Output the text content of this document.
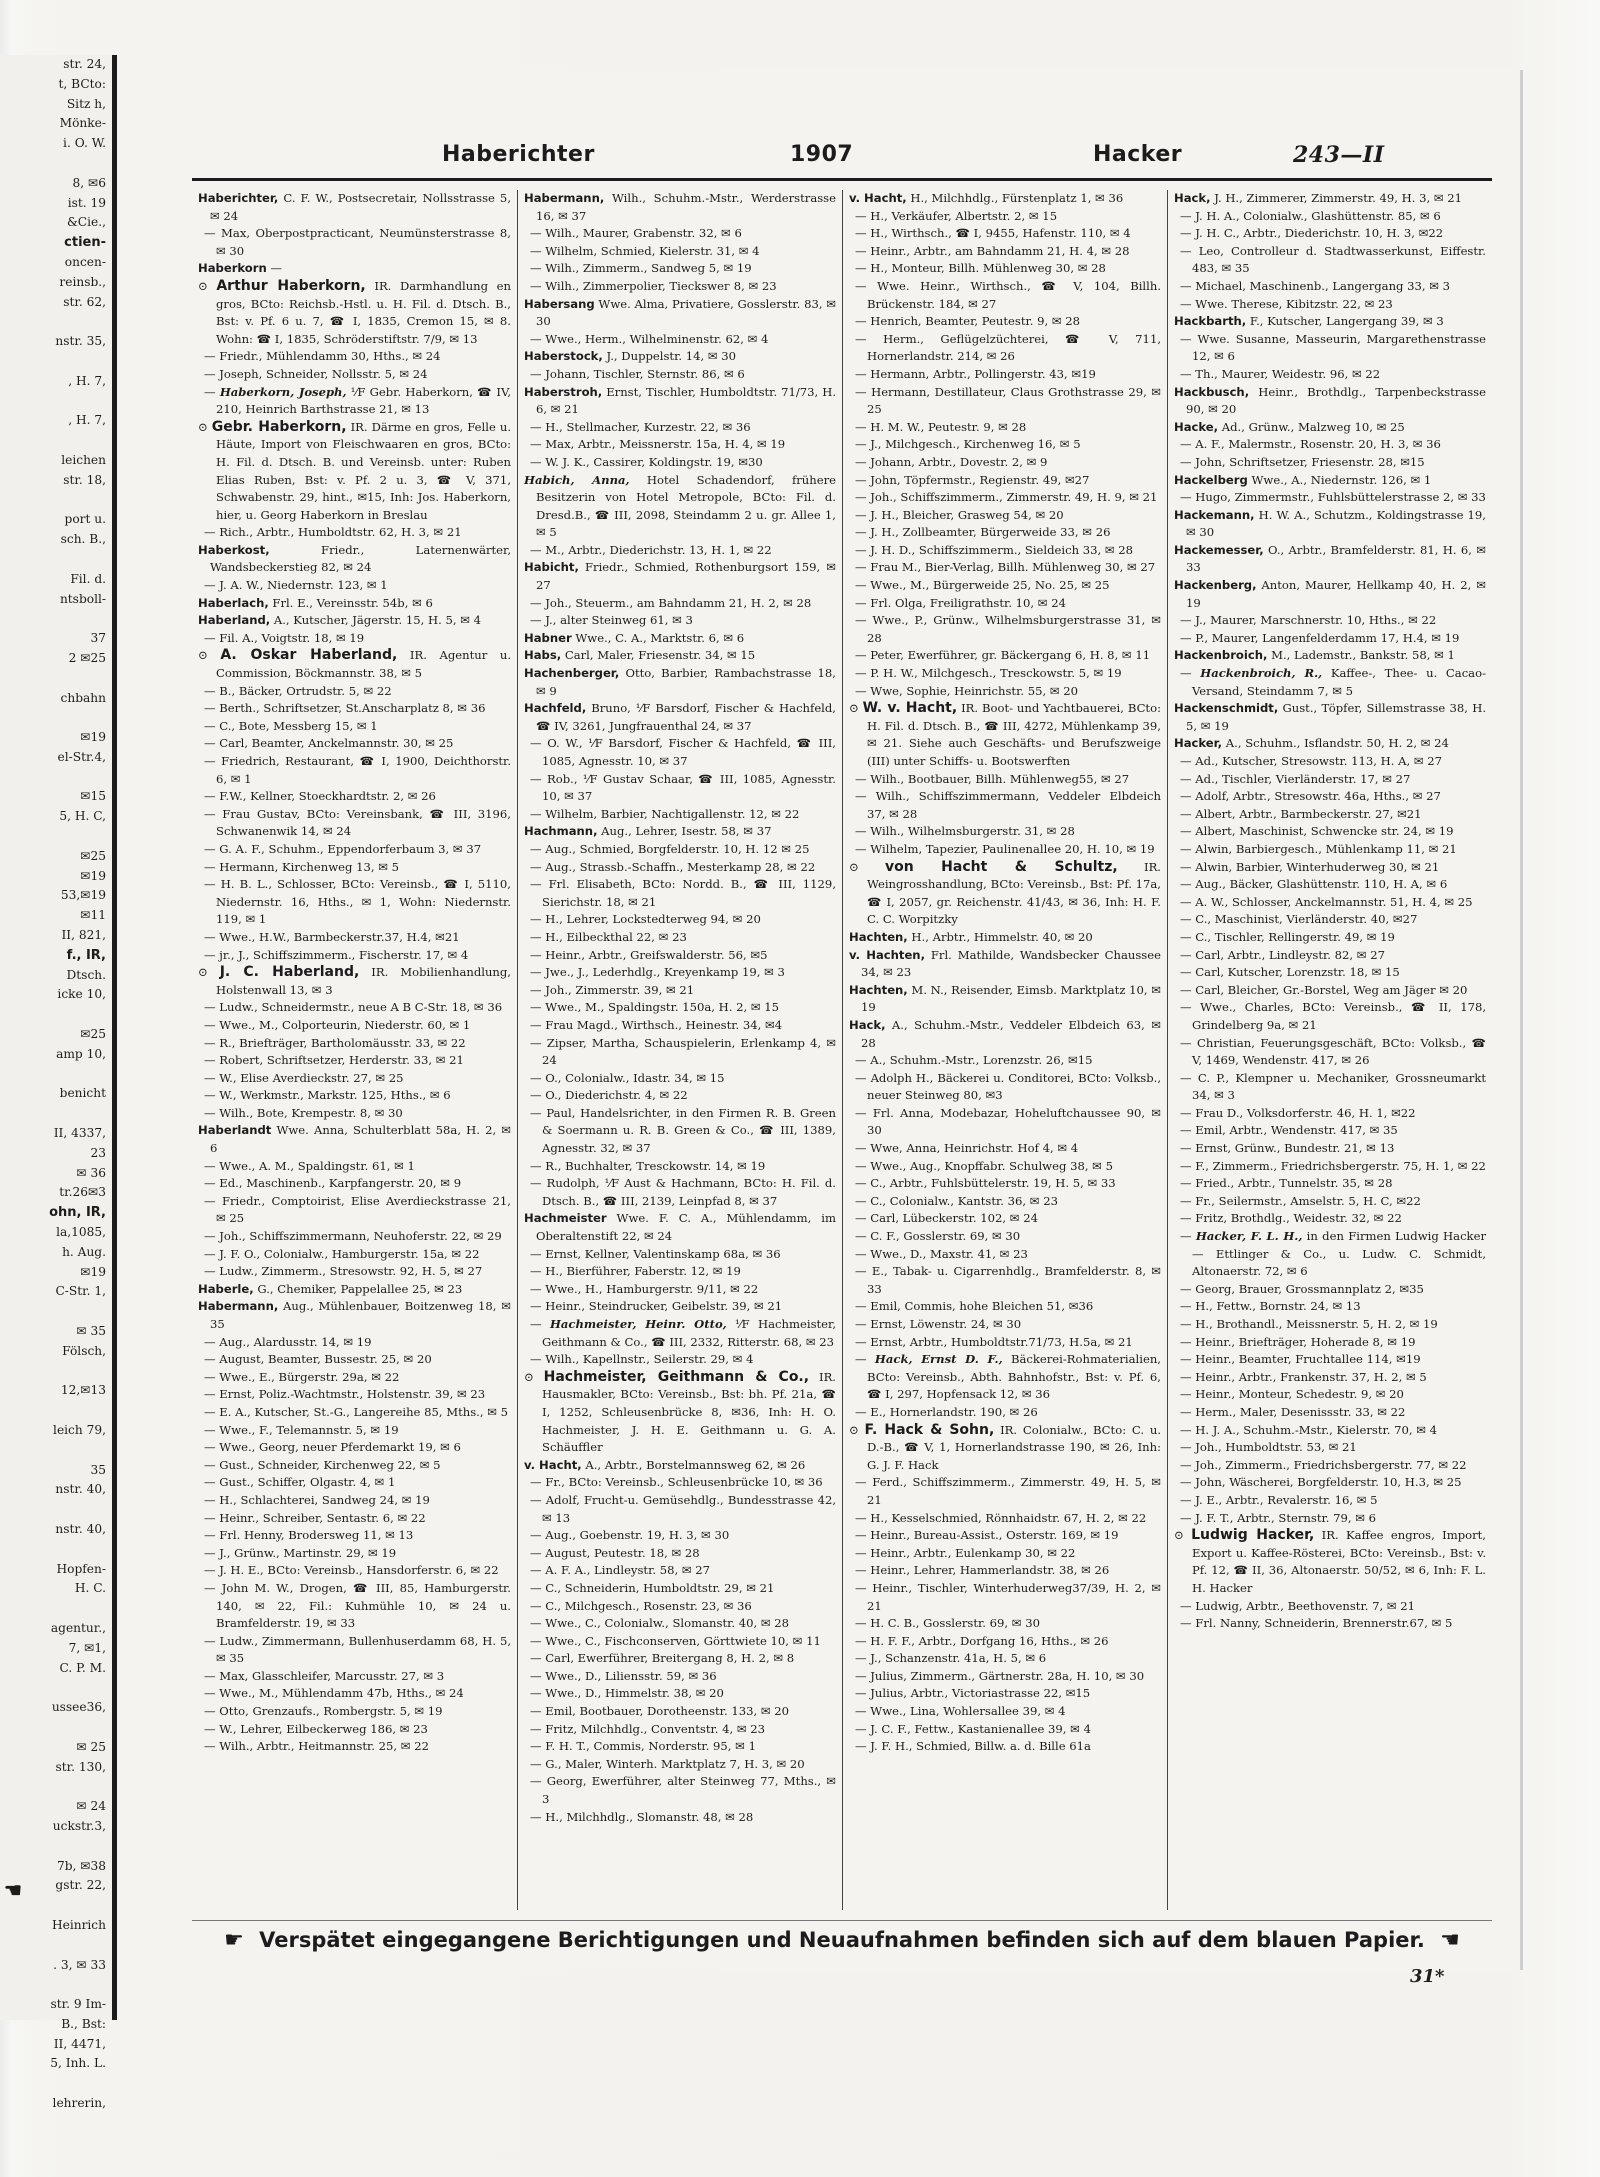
str. 24,
t, BCto:
Sitz h,
Mönke-
i. O. W.

8, ✉6
ist. 19
&Cie.,
ctien-
oncen-
reinsb.,
str. 62,

nstr. 35,

, H. 7,

, H. 7,

leichen
str. 18,

port u.
sch. B.,

Fil. d.
ntsboll-

37
2 ✉25

chbahn

✉19
el-Str.4,

✉15
5, H. C,

✉25
✉19
53,✉19
✉11
II, 821,
f., IR,
Dtsch.
icke 10,

✉25
amp 10,

benicht

II, 4337,
23
✉ 36
tr.26✉3
ohn, IR,
la,1085,
h. Aug.
✉19
C-Str. 1,

✉ 35
Fölsch,

12,✉13

leich 79,

35
nstr. 40,

nstr. 40,

Hopfen-
H. C.

agentur.,
7, ✉1,
C. P. M.

ussee36,

✉ 25
str. 130,

✉ 24
uckstr.3,

7b, ✉38
gstr. 22,

Heinrich

. 3, ✉ 33

str. 9 Im-
B., Bst:
II, 4471,
5, Inh. L.

lehrerin,
☚
Haberichter	1907	Hacker	243—II

Haberichter, C. F. W., Postsecretair, Nollsstrasse 5, ✉ 24

— Max, Oberpostpracticant, Neumünsterstrasse 8, ✉ 30

Haberkorn —

⊙ Arthur Haberkorn, IR. Darmhandlung en gros, BCto: Reichsb.-Hstl. u. H. Fil. d. Dtsch. B., Bst: v. Pf. 6 u. 7, ☎ I, 1835, Cremon 15, ✉ 8. Wohn: ☎ I, 1835, Schröderstiftstr. 7/9, ✉ 13

— Friedr., Mühlendamm 30, Hths., ✉ 24

— Joseph, Schneider, Nollsstr. 5, ✉ 24

— Haberkorn, Joseph, ⅟F Gebr. Haberkorn, ☎ IV, 210, Heinrich Barthstrasse 21, ✉ 13

⊙ Gebr. Haberkorn, IR. Därme en gros, Felle u. Häute, Import von Fleischwaaren en gros, BCto: H. Fil. d. Dtsch. B. und Vereinsb. unter: Ruben Elias Ruben, Bst: v. Pf. 2 u. 3, ☎ V, 371, Schwabenstr. 29, hint., ✉15, Inh: Jos. Haberkorn, hier, u. Georg Haberkorn in Breslau

— Rich., Arbtr., Humboldtstr. 62, H. 3, ✉ 21

Haberkost, Friedr., Laternenwärter, Wandsbeckerstieg 82, ✉ 24

— J. A. W., Niedernstr. 123, ✉ 1

Haberlach, Frl. E., Vereinsstr. 54b, ✉ 6

Haberland, A., Kutscher, Jägerstr. 15, H. 5, ✉ 4

— Fil. A., Voigtstr. 18, ✉ 19

⊙ A. Oskar Haberland, IR. Agentur u. Commission, Böckmannstr. 38, ✉ 5

— B., Bäcker, Ortrudstr. 5, ✉ 22

— Berth., Schriftsetzer, St.Anscharplatz 8, ✉ 36

— C., Bote, Messberg 15, ✉ 1

— Carl, Beamter, Anckelmannstr. 30, ✉ 25

— Friedrich, Restaurant, ☎ I, 1900, Deichthorstr. 6, ✉ 1

— F.W., Kellner, Stoeckhardtstr. 2, ✉ 26

— Frau Gustav, BCto: Vereinsbank, ☎ III, 3196, Schwanenwik 14, ✉ 24

— G. A. F., Schuhm., Eppendorferbaum 3, ✉ 37

— Hermann, Kirchenweg 13, ✉ 5

— H. B. L., Schlosser, BCto: Vereinsb., ☎ I, 5110, Niedernstr. 16, Hths., ✉ 1, Wohn: Niedernstr. 119, ✉ 1

— Wwe., H.W., Barmbeckerstr.37, H.4, ✉21

— jr., J., Schiffszimmerm., Fischerstr. 17, ✉ 4

⊙ J. C. Haberland, IR. Mobilienhandlung, Holstenwall 13, ✉ 3

— Ludw., Schneidermstr., neue A B C-Str. 18, ✉ 36

— Wwe., M., Colporteurin, Niederstr. 60, ✉ 1

— R., Briefträger, Bartholomäusstr. 33, ✉ 22

— Robert, Schriftsetzer, Herderstr. 33, ✉ 21

— W., Elise Averdieckstr. 27, ✉ 25

— W., Werkmstr., Markstr. 125, Hths., ✉ 6

— Wilh., Bote, Krempestr. 8, ✉ 30

Haberlandt Wwe. Anna, Schulterblatt 58a, H. 2, ✉ 6

— Wwe., A. M., Spaldingstr. 61, ✉ 1

— Ed., Maschinenb., Karpfangerstr. 20, ✉ 9

— Friedr., Comptoirist, Elise Averdieckstrasse 21, ✉ 25

— Joh., Schiffszimmermann, Neuhoferstr. 22, ✉ 29

— J. F. O., Colonialw., Hamburgerstr. 15a, ✉ 22

— Ludw., Zimmerm., Stresowstr. 92, H. 5, ✉ 27

Haberle, G., Chemiker, Pappelallee 25, ✉ 23

Habermann, Aug., Mühlenbauer, Boitzenweg 18, ✉ 35

— Aug., Alardusstr. 14, ✉ 19

— August, Beamter, Bussestr. 25, ✉ 20

— Wwe., E., Bürgerstr. 29a, ✉ 22

— Ernst, Poliz.-Wachtmstr., Holstenstr. 39, ✉ 23

— E. A., Kutscher, St.-G., Langereihe 85, Mths., ✉ 5

— Wwe., F., Telemannstr. 5, ✉ 19

— Wwe., Georg, neuer Pferdemarkt 19, ✉ 6

— Gust., Schneider, Kirchenweg 22, ✉ 5

— Gust., Schiffer, Olgastr. 4, ✉ 1

— H., Schlachterei, Sandweg 24, ✉ 19

— Heinr., Schreiber, Sentastr. 6, ✉ 22

— Frl. Henny, Brodersweg 11, ✉ 13

— J., Grünw., Martinstr. 29, ✉ 19

— J. H. E., BCto: Vereinsb., Hansdorferstr. 6, ✉ 22

— John M. W., Drogen, ☎ III, 85, Hamburgerstr. 140, ✉ 22, Fil.: Kuhmühle 10, ✉ 24 u. Bramfelderstr. 19, ✉ 33

— Ludw., Zimmermann, Bullenhuserdamm 68, H. 5, ✉ 35

— Max, Glasschleifer, Marcusstr. 27, ✉ 3

— Wwe., M., Mühlendamm 47b, Hths., ✉ 24

— Otto, Grenzaufs., Rombergstr. 5, ✉ 19

— W., Lehrer, Eilbeckerweg 186, ✉ 23

— Wilh., Arbtr., Heitmannstr. 25, ✉ 22

Habermann, Wilh., Schuhm.-Mstr., Werderstrasse 16, ✉ 37

— Wilh., Maurer, Grabenstr. 32, ✉ 6

— Wilhelm, Schmied, Kielerstr. 31, ✉ 4

— Wilh., Zimmerm., Sandweg 5, ✉ 19

— Wilh., Zimmerpolier, Tieckswег 8, ✉ 23

Habersang Wwe. Alma, Privatiere, Gosslerstr. 83, ✉ 30

— Wwe., Herm., Wilhelminenstr. 62, ✉ 4

Haberstock, J., Duppelstr. 14, ✉ 30

— Johann, Tischler, Sternstr. 86, ✉ 6

Haberstroh, Ernst, Tischler, Humboldtstr. 71/73, H. 6, ✉ 21

— H., Stellmacher, Kurzestr. 22, ✉ 36

— Max, Arbtr., Meissnerstr. 15a, H. 4, ✉ 19

— W. J. K., Cassirer, Koldingstr. 19, ✉30

Habich, Anna, Hotel Schadendorf, frühere Besitzerin von Hotel Metropole, BCto: Fil. d. Dresd.B., ☎ III, 2098, Steindamm 2 u. gr. Allee 1, ✉ 5

— M., Arbtr., Diederichstr. 13, H. 1, ✉ 22

Habicht, Friedr., Schmied, Rothenburgsort 159, ✉ 27

— Joh., Steuerm., am Bahndamm 21, H. 2, ✉ 28

— J., alter Steinweg 61, ✉ 3

Habner Wwe., C. A., Marktstr. 6, ✉ 6

Habs, Carl, Maler, Friesenstr. 34, ✉ 15

Hachenberger, Otto, Barbier, Rambachstrasse 18, ✉ 9

Hachfeld, Bruno, ⅟F Barsdorf, Fischer & Hachfeld, ☎ IV, 3261, Jungfrauenthal 24, ✉ 37

— O. W., ⅟F Barsdorf, Fischer & Hachfeld, ☎ III, 1085, Agnesstr. 10, ✉ 37

— Rob., ⅟F Gustav Schaar, ☎ III, 1085, Agnesstr. 10, ✉ 37

— Wilhelm, Barbier, Nachtigallenstr. 12, ✉ 22

Hachmann, Aug., Lehrer, Isestr. 58, ✉ 37

— Aug., Schmied, Borgfelderstr. 10, H. 12 ✉ 25

— Aug., Strassb.-Schaffn., Mesterkamp 28, ✉ 22

— Frl. Elisabeth, BCto: Nordd. B., ☎ III, 1129, Sierichstr. 18, ✉ 21

— H., Lehrer, Lockstedterweg 94, ✉ 20

— H., Eilbeckthal 22, ✉ 23

— Heinr., Arbtr., Greifswalderstr. 56, ✉5

— Jwe., J., Lederhdlg., Kreyenkamp 19, ✉ 3

— Joh., Zimmerstr. 39, ✉ 21

— Wwe., M., Spaldingstr. 150a, H. 2, ✉ 15

— Frau Magd., Wirthsch., Heinestr. 34, ✉4

— Zipser, Martha, Schauspielerin, Erlenkamp 4, ✉ 24

— O., Colonialw., Idastr. 34, ✉ 15

— O., Diederichstr. 4, ✉ 22

— Paul, Handelsrichter, in den Firmen R. B. Green & Soermann u. R. B. Green & Co., ☎ III, 1389, Agnesstr. 32, ✉ 37

— R., Buchhalter, Tresckowstr. 14, ✉ 19

— Rudolph, ⅟F Aust & Hachmann, BCto: H. Fil. d. Dtsch. B., ☎ III, 2139, Leinpfad 8, ✉ 37

Hachmeister Wwe. F. C. A., Mühlendamm, im Oberaltenstift 22, ✉ 24

— Ernst, Kellner, Valentinskamp 68a, ✉ 36

— H., Bierführer, Faberstr. 12, ✉ 19

— Wwe., H., Hamburgerstr. 9/11, ✉ 22

— Heinr., Steindrucker, Geibelstr. 39, ✉ 21

— Hachmeister, Heinr. Otto, ⅟F Hachmeister, Geithmann & Co., ☎ III, 2332, Ritterstr. 68, ✉ 23

— Wilh., Kapellnstr., Seilerstr. 29, ✉ 4

⊙ Hachmeister, Geithmann & Co., IR. Hausmakler, BCto: Vereinsb., Bst: bh. Pf. 21a, ☎ I, 1252, Schleusenbrücke 8, ✉36, Inh: H. O. Hachmeister, J. H. E. Geithmann u. G. A. Schäuffler

v. Hacht, A., Arbtr., Borstelmannsweg 62, ✉ 26

— Fr., BCto: Vereinsb., Schleusenbrücke 10, ✉ 36

— Adolf, Frucht-u. Gemüsehdlg., Bundesstrasse 42, ✉ 13

— Aug., Goebenstr. 19, H. 3, ✉ 30

— August, Peutestr. 18, ✉ 28

— A. F. A., Lindleystr. 58, ✉ 27

— C., Schneiderin, Humboldtstr. 29, ✉ 21

— C., Milchgesch., Rosenstr. 23, ✉ 36

— Wwe., C., Colonialw., Slomanstr. 40, ✉ 28

— Wwe., C., Fischconserven, Görttwiete 10, ✉ 11

— Carl, Ewerführer, Breitergang 8, H. 2, ✉ 8

— Wwe., D., Liliensstr. 59, ✉ 36

— Wwe., D., Himmelstr. 38, ✉ 20

— Emil, Bootbauer, Dorotheenstr. 133, ✉ 20

— Fritz, Milchhdlg., Conventstr. 4, ✉ 23

— F. H. T., Commis, Norderstr. 95, ✉ 1

— G., Maler, Winterh. Marktplatz 7, H. 3, ✉ 20

— Georg, Ewerführer, alter Steinweg 77, Mths., ✉ 3

— H., Milchhdlg., Slomanstr. 48, ✉ 28

v. Hacht, H., Milchhdlg., Fürstenplatz 1, ✉ 36

— H., Verkäufer, Albertstr. 2, ✉ 15

— H., Wirthsch., ☎ I, 9455, Hafenstr. 110, ✉ 4

— Heinr., Arbtr., am Bahndamm 21, H. 4, ✉ 28

— H., Monteur, Billh. Mühlenweg 30, ✉ 28

— Wwe. Heinr., Wirthsch., ☎ V, 104, Billh. Brückenstr. 184, ✉ 27

— Henrich, Beamter, Peutestr. 9, ✉ 28

— Herm., Geflügelzüchterei, ☎ V, 711, Hornerlandstr. 214, ✉ 26

— Hermann, Arbtr., Pollingerstr. 43, ✉19

— Hermann, Destillateur, Claus Grothstrasse 29, ✉ 25

— H. M. W., Peutestr. 9, ✉ 28

— J., Milchgesch., Kirchenweg 16, ✉ 5

— Johann, Arbtr., Dovestr. 2, ✉ 9

— John, Töpfermstr., Regienstr. 49, ✉27

— Joh., Schiffszimmerm., Zimmerstr. 49, H. 9, ✉ 21

— J. H., Bleicher, Grasweg 54, ✉ 20

— J. H., Zollbeamter, Bürgerweide 33, ✉ 26

— J. H. D., Schiffszimmerm., Sieldeich 33, ✉ 28

— Frau M., Bier-Verlag, Billh. Mühlenweg 30, ✉ 27

— Wwe., M., Bürgerweide 25, No. 25, ✉ 25

— Frl. Olga, Freiligrathstr. 10, ✉ 24

— Wwe., P., Grünw., Wilhelmsburgerstrasse 31, ✉ 28

— Peter, Ewerführer, gr. Bäckergang 6, H. 8, ✉ 11

— P. H. W., Milchgesch., Tresckowstr. 5, ✉ 19

— Wwe, Sophie, Heinrichstr. 55, ✉ 20

⊙ W. v. Hacht, IR. Boot- und Yachtbauerei, BCto: H. Fil. d. Dtsch. B., ☎ III, 4272, Mühlenkamp 39, ✉ 21. Siehe auch Geschäfts- und Berufszweige (III) unter Schiffs- u. Bootswerften

— Wilh., Bootbauer, Billh. Mühlenweg55, ✉ 27

— Wilh., Schiffszimmermann, Veddeler Elbdeich 37, ✉ 28

— Wilh., Wilhelmsburgerstr. 31, ✉ 28

— Wilhelm, Tapezier, Paulinenallee 20, H. 10, ✉ 19

⊙ von Hacht & Schultz, IR. Weingrosshandlung, BCto: Vereinsb., Bst: Pf. 17a, ☎ I, 2057, gr. Reichenstr. 41/43, ✉ 36, Inh: H. F. C. C. Worpitzky

Hachten, H., Arbtr., Himmelstr. 40, ✉ 20

v. Hachten, Frl. Mathilde, Wandsbecker Chaussee 34, ✉ 23

Hachten, M. N., Reisender, Eimsb. Marktplatz 10, ✉ 19

Hack, A., Schuhm.-Mstr., Veddeler Elbdeich 63, ✉ 28

— A., Schuhm.-Mstr., Lorenzstr. 26, ✉15

— Adolph H., Bäckerei u. Conditorei, BCto: Volksb., neuer Steinweg 80, ✉3

— Frl. Anna, Modebazar, Hoheluftchaussee 90, ✉ 30

— Wwe, Anna, Heinrichstr. Hof 4, ✉ 4

— Wwe., Aug., Knopffabr. Schulweg 38, ✉ 5

— C., Arbtr., Fuhlsbüttelerstr. 19, H. 5, ✉ 33

— C., Colonialw., Kantstr. 36, ✉ 23

— Carl, Lübeckerstr. 102, ✉ 24

— C. F., Gosslerstr. 69, ✉ 30

— Wwe., D., Maxstr. 41, ✉ 23

— E., Tabak- u. Cigarrenhdlg., Bramfelderstr. 8, ✉ 33

— Emil, Commis, hohe Bleichen 51, ✉36

— Ernst, Löwenstr. 24, ✉ 30

— Ernst, Arbtr., Humboldtstr.71/73, H.5a, ✉ 21

— Hack, Ernst D. F., Bäckerei-Rohmaterialien, BCto: Vereinsb., Abth. Bahnhofstr., Bst: v. Pf. 6, ☎ I, 297, Hopfensack 12, ✉ 36

— E., Hornerlandstr. 190, ✉ 26

⊙ F. Hack & Sohn, IR. Colonialw., BCto: C. u. D.-B., ☎ V, 1, Hornerlandstrasse 190, ✉ 26, Inh: G. J. F. Hack

— Ferd., Schiffszimmerm., Zimmerstr. 49, H. 5, ✉ 21

— H., Kesselschmied, Rönnhaidstr. 67, H. 2, ✉ 22

— Heinr., Bureau-Assist., Osterstr. 169, ✉ 19

— Heinr., Arbtr., Eulenkamp 30, ✉ 22

— Heinr., Lehrer, Hammerlandstr. 38, ✉ 26

— Heinr., Tischler, Winterhuderweg37/39, H. 2, ✉ 21

— H. C. B., Gosslerstr. 69, ✉ 30

— H. F. F., Arbtr., Dorfgang 16, Hths., ✉ 26

— J., Schanzenstr. 41a, H. 5, ✉ 6

— Julius, Zimmerm., Gärtnerstr. 28a, H. 10, ✉ 30

— Julius, Arbtr., Victoriastrasse 22, ✉15

— Wwe., Lina, Wohlersallee 39, ✉ 4

— J. C. F., Fettw., Kastanienallee 39, ✉ 4

— J. F. H., Schmied, Billw. a. d. Bille 61a

Hack, J. H., Zimmerer, Zimmerstr. 49, H. 3, ✉ 21

— J. H. A., Colonialw., Glashüttenstr. 85, ✉ 6

— J. H. C., Arbtr., Diederichstr. 10, H. 3, ✉22

— Leo, Controlleur d. Stadtwasserkunst, Eiffestr. 483, ✉ 35

— Michael, Maschinenb., Langergang 33, ✉ 3

— Wwe. Therese, Kibitzstr. 22, ✉ 23

Hackbarth, F., Kutscher, Langergang 39, ✉ 3

— Wwe. Susanne, Masseurin, Margarethenstrasse 12, ✉ 6

— Th., Maurer, Weidestr. 96, ✉ 22

Hackbusch, Heinr., Brothdlg., Tarpenbeckstrasse 90, ✉ 20

Hacke, Ad., Grünw., Malzweg 10, ✉ 25

— A. F., Malermstr., Rosenstr. 20, H. 3, ✉ 36

— John, Schriftsetzer, Friesenstr. 28, ✉15

Hackelberg Wwe., A., Niedernstr. 126, ✉ 1

— Hugo, Zimmermstr., Fuhlsbüttelerstrasse 2, ✉ 33

Hackemann, H. W. A., Schutzm., Koldingstrasse 19, ✉ 30

Hackemesser, O., Arbtr., Bramfelderstr. 81, H. 6, ✉ 33

Hackenberg, Anton, Maurer, Hellkamp 40, H. 2, ✉ 19

— J., Maurer, Marschnerstr. 10, Hths., ✉ 22

— P., Maurer, Langenfelderdamm 17, H.4, ✉ 19

Hackenbroich, M., Lademstr., Bankstr. 58, ✉ 1

— Hackenbroich, R., Kaffee-, Thee- u. Cacao-Versand, Steindamm 7, ✉ 5

Hackenschmidt, Gust., Töpfer, Sillemstrasse 38, H. 5, ✉ 19

Hacker, A., Schuhm., Isflandstr. 50, H. 2, ✉ 24

— Ad., Kutscher, Stresowstr. 113, H. A, ✉ 27

— Ad., Tischler, Vierländerstr. 17, ✉ 27

— Adolf, Arbtr., Stresowstr. 46a, Hths., ✉ 27

— Albert, Arbtr., Barmbeckerstr. 27, ✉21

— Albert, Maschinist, Schwencke str. 24, ✉ 19

— Alwin, Barbiergesch., Mühlenkamp 11, ✉ 21

— Alwin, Barbier, Winterhuderweg 30, ✉ 21

— Aug., Bäcker, Glashüttenstr. 110, H. A, ✉ 6

— A. W., Schlosser, Anckelmannstr. 51, H. 4, ✉ 25

— C., Maschinist, Vierländerstr. 40, ✉27

— C., Tischler, Rellingerstr. 49, ✉ 19

— Carl, Arbtr., Lindleystr. 82, ✉ 27

— Carl, Kutscher, Lorenzstr. 18, ✉ 15

— Carl, Bleicher, Gr.-Borstel, Weg am Jäger ✉ 20

— Wwe., Charles, BCto: Vereinsb., ☎ II, 178, Grindelberg 9a, ✉ 21

— Christian, Feuerungsgeschäft, BCto: Volksb., ☎ V, 1469, Wendenstr. 417, ✉ 26

— C. P., Klempner u. Mechaniker, Grossneumarkt 34, ✉ 3

— Frau D., Volksdorferstr. 46, H. 1, ✉22

— Emil, Arbtr., Wendenstr. 417, ✉ 35

— Ernst, Grünw., Bundestr. 21, ✉ 13

— F., Zimmerm., Friedrichsbergerstr. 75, H. 1, ✉ 22

— Fried., Arbtr., Tunnelstr. 35, ✉ 28

— Fr., Seilermstr., Amselstr. 5, H. C, ✉22

— Fritz, Brothdlg., Weidestr. 32, ✉ 22

— Hacker, F. L. H., in den Firmen Ludwig Hacker — Ettlinger & Co., u. Ludw. C. Schmidt, Altonaerstr. 72, ✉ 6

— Georg, Brauer, Grossmannplatz 2, ✉35

— H., Fettw., Bornstr. 24, ✉ 13

— H., Brothandl., Meissnerstr. 5, H. 2, ✉ 19

— Heinr., Briefträger, Hoherade 8, ✉ 19

— Heinr., Beamter, Fruchtallee 114, ✉19

— Heinr., Arbtr., Frankenstr. 37, H. 2, ✉ 5

— Heinr., Monteur, Schedestr. 9, ✉ 20

— Herm., Maler, Desenissstr. 33, ✉ 22

— H. J. A., Schuhm.-Mstr., Kielerstr. 70, ✉ 4

— Joh., Humboldtstr. 53, ✉ 21

— Joh., Zimmerm., Friedrichsbergerstr. 77, ✉ 22

— John, Wäscherei, Borgfelderstr. 10, H.3, ✉ 25

— J. E., Arbtr., Revalerstr. 16, ✉ 5

— J. F. T., Arbtr., Sternstr. 79, ✉ 6

⊙ Ludwig Hacker, IR. Kaffee engros, Import, Export u. Kaffee-Rösterei, BCto: Vereinsb., Bst: v. Pf. 12, ☎ II, 36, Altonaerstr. 50/52, ✉ 6, Inh: F. L. H. Hacker

— Ludwig, Arbtr., Beethovenstr. 7, ✉ 21

— Frl. Nanny, Schneiderin, Brennerstr.67, ✉ 5

☛ Verspätet eingegangene Berichtigungen und Neuaufnahmen befinden sich auf dem blauen Papier. ☚
31*
